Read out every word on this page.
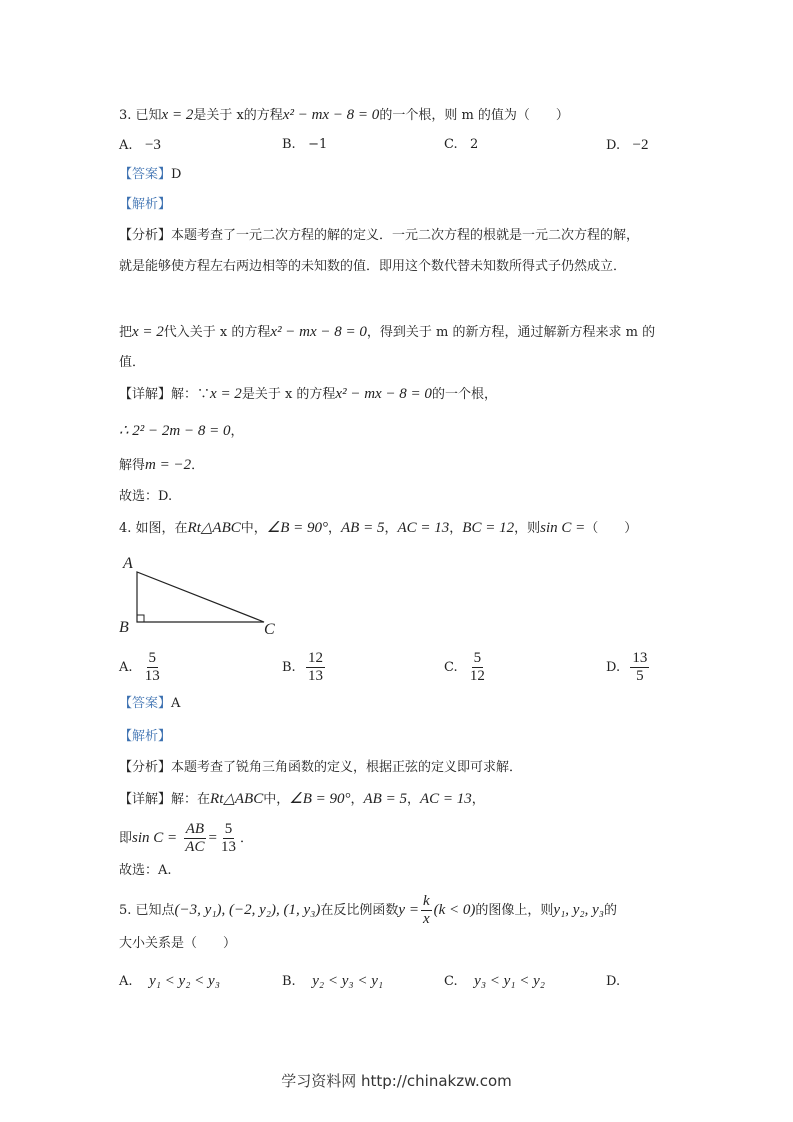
3. 已知x = 2是关于 x的方程x² − mx − 8 = 0的一个根，则 m 的值为（　　）
A. −3	B. −1	C. 2	D. −2
【答案】D
【解析】
【分析】本题考查了一元二次方程的解的定义．一元二次方程的根就是一元二次方程的解，
就是能够使方程左右两边相等的未知数的值．即用这个数代替未知数所得式子仍然成立．
把x = 2代入关于 x 的方程x² − mx − 8 = 0，得到关于 m 的新方程，通过解新方程来求 m 的
值．
【详解】解：∵x = 2是关于 x 的方程x² − mx − 8 = 0的一个根，
∴ 2² − 2m − 8 = 0，
解得m = −2．
故选：D.
4. 如图，在Rt△ABC中，∠B = 90°，AB = 5，AC = 13，BC = 12，则sin C =（　　）
A
B	C
A. $\frac{5}{13}$	B. $\frac{12}{13}$	C. $\frac{5}{12}$	D. $\frac{13}{5}$
【答案】A
【解析】
【分析】本题考查了锐角三角函数的定义，根据正弦的定义即可求解．
【详解】解：在Rt△ABC中，∠B = 90°，AB = 5，AC = 13，
即$\sin C = \frac{AB}{AC} = \frac{5}{13}$ ．
故选：A.
5. 已知点(−3, y₁), (−2, y₂), (1, y₃)在反比例函数$y = \frac{k}{x} (k < 0)$的图像上，则y₁, y₂, y₃的
大小关系是（　　）
A. y₁ < y₂ < y₃	B. y₂ < y₃ < y₁	C. y₃ < y₁ < y₂	D.
学习资料网 http://chinakzw.com
